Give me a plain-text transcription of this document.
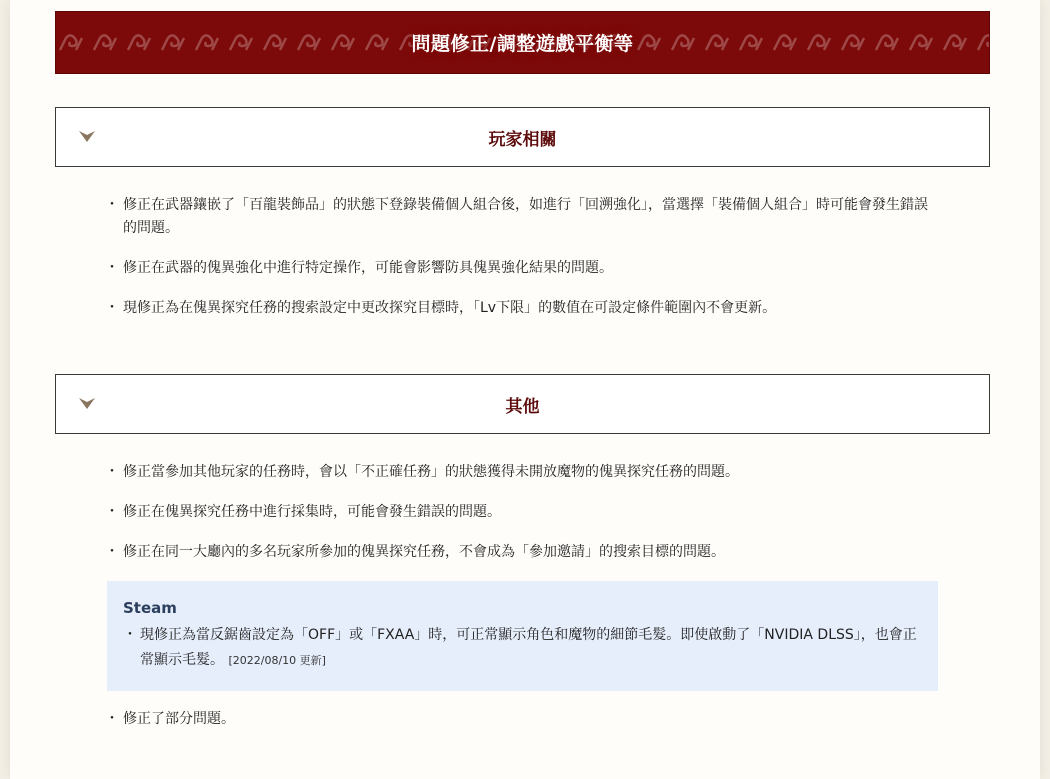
問題修正/調整遊戲平衡等
玩家相關
・ 修正在武器鑲嵌了「百龍裝飾品」的狀態下登錄裝備個人組合後，如進行「回溯強化」，當選擇「裝備個人組合」時可能會發生錯誤的問題。
・ 修正在武器的傀異強化中進行特定操作，可能會影響防具傀異強化結果的問題。
・ 現修正為在傀異探究任務的搜索設定中更改探究目標時，「Lv下限」的數值在可設定條件範圍內不會更新。
其他
・ 修正當參加其他玩家的任務時，會以「不正確任務」的狀態獲得未開放魔物的傀異探究任務的問題。
・ 修正在傀異探究任務中進行採集時，可能會發生錯誤的問題。
・ 修正在同一大廳內的多名玩家所參加的傀異探究任務，不會成為「參加邀請」的搜索目標的問題。
Steam
・ 現修正為當反鋸齒設定為「OFF」或「FXAA」時，可正常顯示角色和魔物的細節毛髮。即使啟動了「NVIDIA DLSS」，也會正常顯示毛髮。 [2022/08/10 更新]
・ 修正了部分問題。
